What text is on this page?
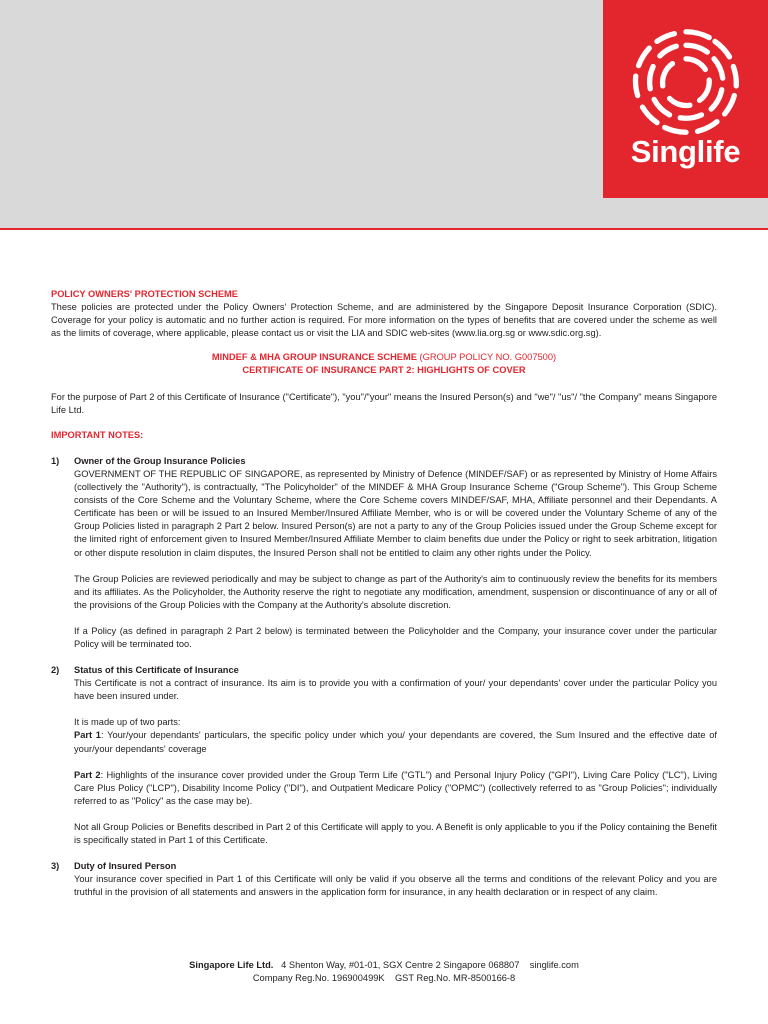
Singlife
POLICY OWNERS' PROTECTION SCHEME

These policies are protected under the Policy Owners' Protection Scheme, and are administered by the Singapore Deposit Insurance Corporation (SDIC). Coverage for your policy is automatic and no further action is required. For more information on the types of benefits that are covered under the scheme as well as the limits of coverage, where applicable, please contact us or visit the LIA and SDIC web-sites (www.lia.org.sg or www.sdic.org.sg).

MINDEF & MHA GROUP INSURANCE SCHEME (GROUP POLICY NO. G007500)
CERTIFICATE OF INSURANCE PART 2: HIGHLIGHTS OF COVER

For the purpose of Part 2 of this Certificate of Insurance ("Certificate"), "you"/"your" means the Insured Person(s) and "we"/ "us"/ "the Company" means Singapore Life Ltd.

IMPORTANT NOTES:
1) Owner of the Group Insurance Policies

GOVERNMENT OF THE REPUBLIC OF SINGAPORE, as represented by Ministry of Defence (MINDEF/SAF) or as represented by Ministry of Home Affairs (collectively the "Authority"), is contractually, "The Policyholder" of the MINDEF & MHA Group Insurance Scheme ("Group Scheme"). This Group Scheme consists of the Core Scheme and the Voluntary Scheme, where the Core Scheme covers MINDEF/SAF, MHA, Affiliate personnel and their Dependants. A Certificate has been or will be issued to an Insured Member/Insured Affiliate Member, who is or will be covered under the Voluntary Scheme of any of the Group Policies listed in paragraph 2 Part 2 below. Insured Person(s) are not a party to any of the Group Policies issued under the Group Scheme except for the limited right of enforcement given to Insured Member/Insured Affiliate Member to claim benefits due under the Policy or right to seek arbitration, litigation or other dispute resolution in claim disputes, the Insured Person shall not be entitled to claim any other rights under the Policy.

The Group Policies are reviewed periodically and may be subject to change as part of the Authority's aim to continuously review the benefits for its members and its affiliates. As the Policyholder, the Authority reserve the right to negotiate any modification, amendment, suspension or discontinuance of any or all of the provisions of the Group Policies with the Company at the Authority's absolute discretion.

If a Policy (as defined in paragraph 2 Part 2 below) is terminated between the Policyholder and the Company, your insurance cover under the particular Policy will be terminated too.

2) Status of this Certificate of Insurance

This Certificate is not a contract of insurance. Its aim is to provide you with a confirmation of your/ your dependants' cover under the particular Policy you have been insured under.

It is made up of two parts:
Part 1: Your/your dependants' particulars, the specific policy under which you/ your dependants are covered, the Sum Insured and the effective date of your/your dependants' coverage

Part 2: Highlights of the insurance cover provided under the Group Term Life ("GTL") and Personal Injury Policy ("GPI"), Living Care Policy ("LC"), Living Care Plus Policy ("LCP"), Disability Income Policy ("DI"), and Outpatient Medicare Policy ("OPMC") (collectively referred to as "Group Policies"; individually referred to as "Policy" as the case may be).

Not all Group Policies or Benefits described in Part 2 of this Certificate will apply to you. A Benefit is only applicable to you if the Policy containing the Benefit is specifically stated in Part 1 of this Certificate.

3) Duty of Insured Person

Your insurance cover specified in Part 1 of this Certificate will only be valid if you observe all the terms and conditions of the relevant Policy and you are truthful in the provision of all statements and answers in the application form for insurance, in any health declaration or in respect of any claim.

Singapore Life Ltd. 4 Shenton Way, #01-01, SGX Centre 2 Singapore 068807 singlife.com
Company Reg.No. 196900499K GST Reg.No. MR-8500166-8
